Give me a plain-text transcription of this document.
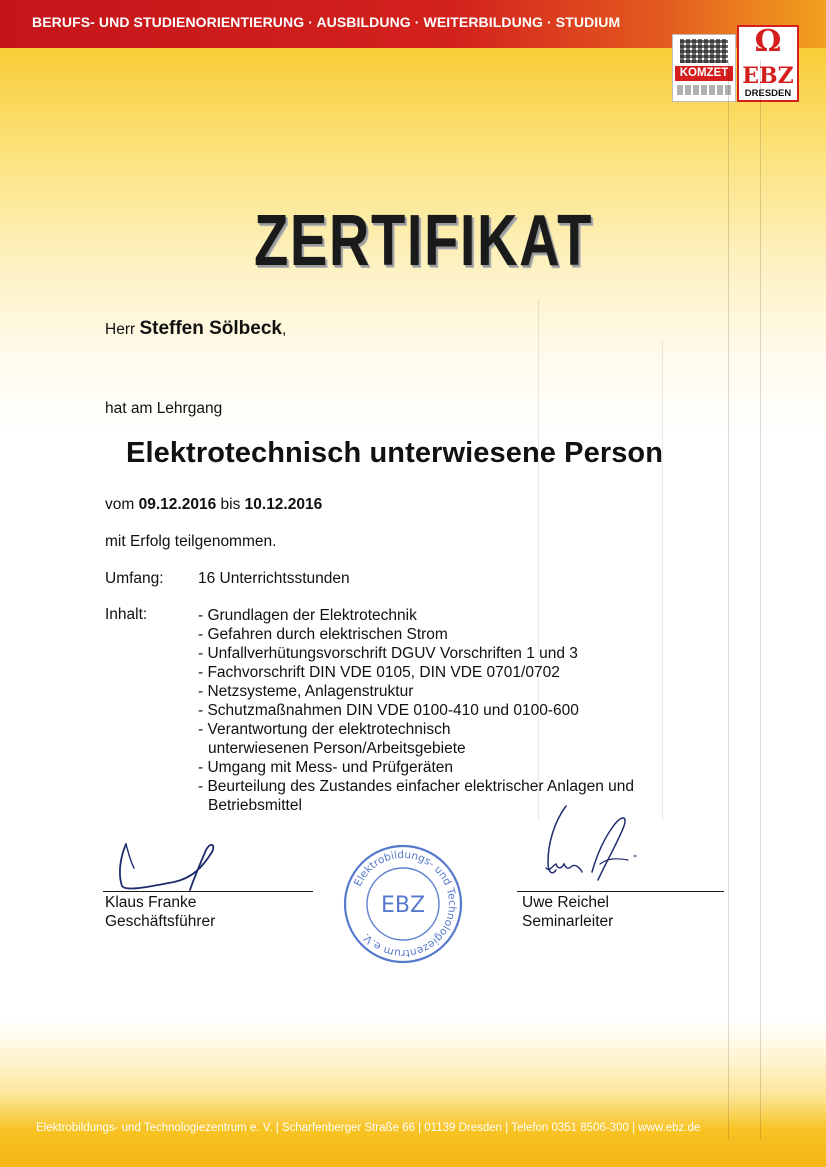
BERUFS- UND STUDIENORIENTIERUNG · AUSBILDUNG · WEITERBILDUNG · STUDIUM
KOMZET
Ω
EBZ
DRESDEN
ZERTIFIKAT
Herr Steffen Sölbeck,
hat am Lehrgang
Elektrotechnisch unterwiesene Person
vom 09.12.2016 bis 10.12.2016
mit Erfolg teilgenommen.
Umfang: 16 Unterrichtsstunden
Inhalt:	- Grundlagen der Elektrotechnik
- Gefahren durch elektrischen Strom
- Unfallverhütungsvorschrift DGUV Vorschriften 1 und 3
- Fachvorschrift DIN VDE 0105, DIN VDE 0701/0702
- Netzsysteme, Anlagenstruktur
- Schutzmaßnahmen DIN VDE 0100-410 und 0100-600
- Verantwortung der elektrotechnisch unterwiesenen Person/Arbeitsgebiete
- Umgang mit Mess- und Prüfgeräten
- Beurteilung des Zustandes einfacher elektrischer Anlagen und Betriebsmittel
Klaus Franke
Geschäftsführer
Elektrobildungs- und Technologiezentrum e.V.
EBZ	Uwe Reichel
Seminarleiter
Elektrobildungs- und Technologiezentrum e. V. | Scharfenberger Straße 66 | 01139 Dresden | Telefon 0351 8506-300 | www.ebz.de
